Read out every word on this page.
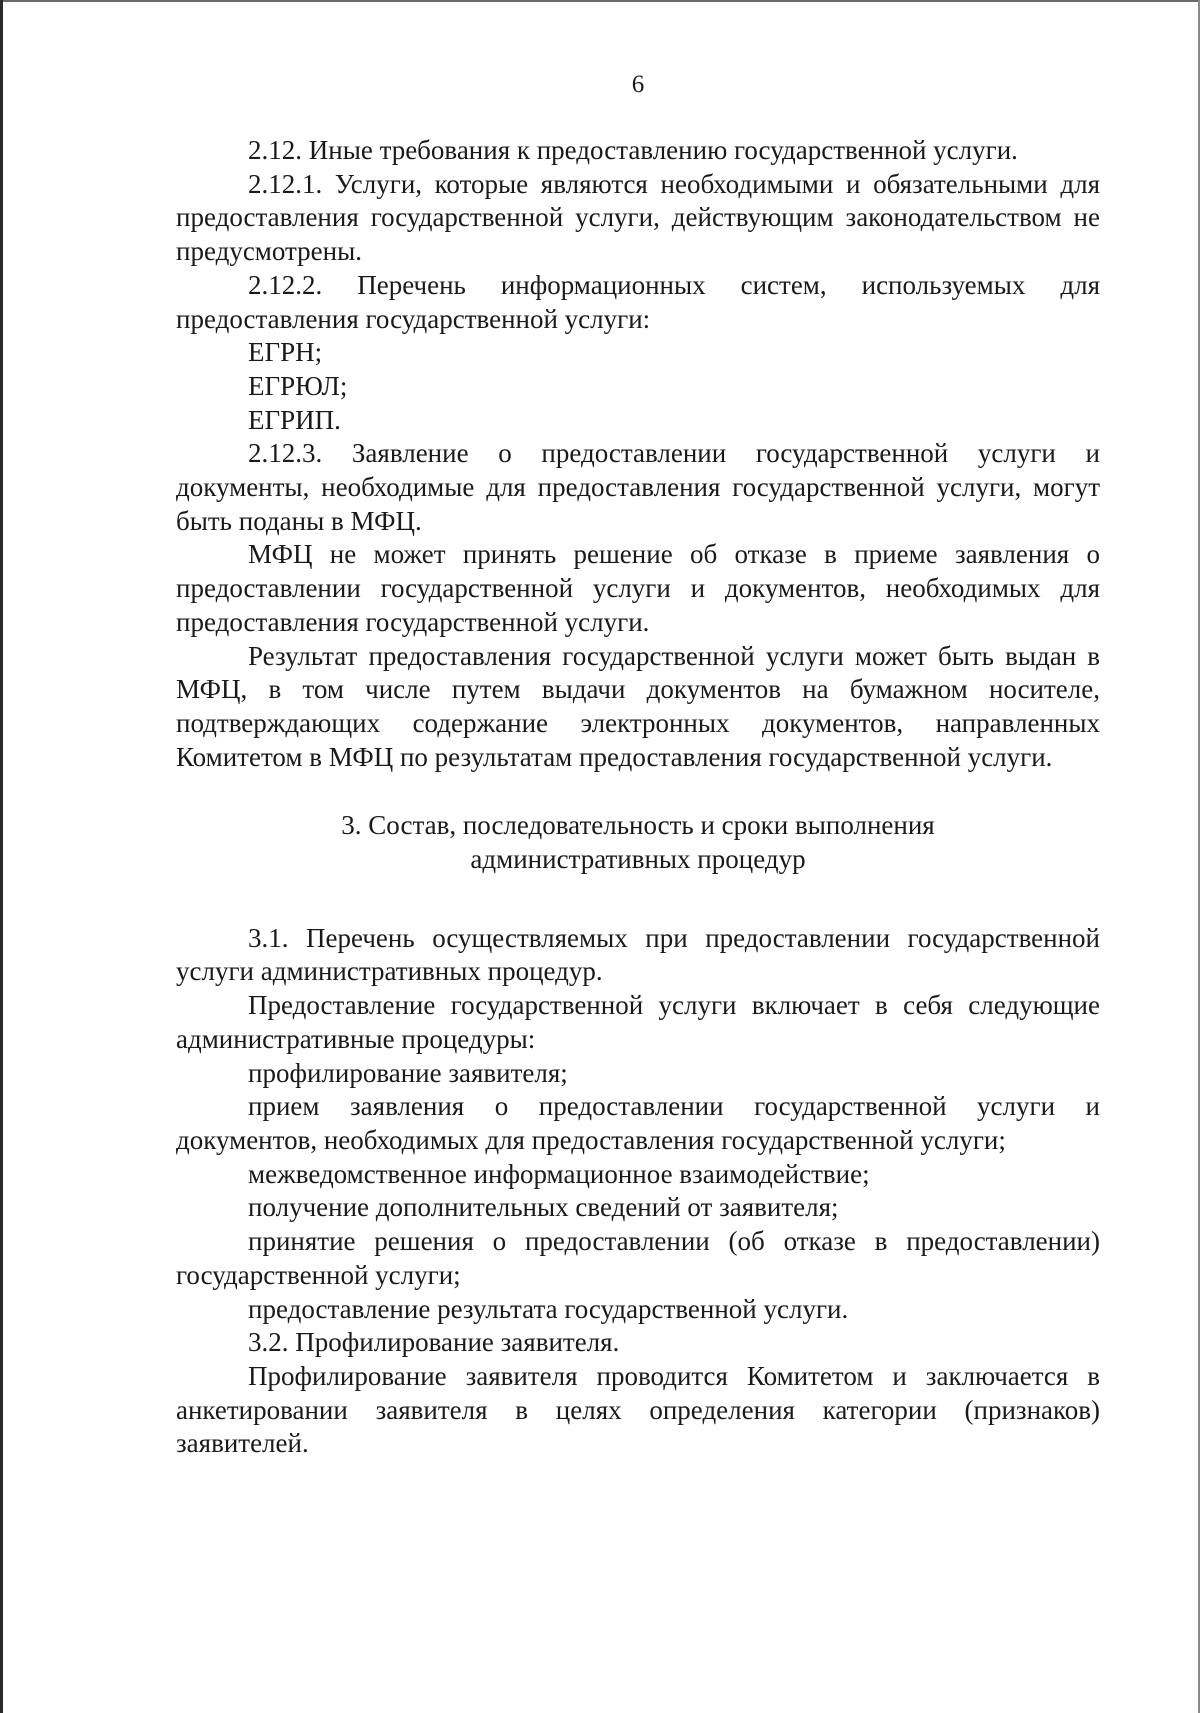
6

2.12. Иные требования к предоставлению государственной услуги.

2.12.1. Услуги, которые являются необходимыми и обязательными для предоставления государственной услуги, действующим законодательством не предусмотрены.

2.12.2. Перечень информационных систем, используемых для предоставления государственной услуги:

ЕГРН;

ЕГРЮЛ;

ЕГРИП.

2.12.3. Заявление о предоставлении государственной услуги и документы, необходимые для предоставления государственной услуги, могут быть поданы в МФЦ.

МФЦ не может принять решение об отказе в приеме заявления о предоставлении государственной услуги и документов, необходимых для предоставления государственной услуги.

Результат предоставления государственной услуги может быть выдан в МФЦ, в том числе путем выдачи документов на бумажном носителе, подтверждающих содержание электронных документов, направленных Комитетом в МФЦ по результатам предоставления государственной услуги.

3. Состав, последовательность и сроки выполнения
административных процедур

3.1. Перечень осуществляемых при предоставлении государственной услуги административных процедур.

Предоставление государственной услуги включает в себя следующие административные процедуры:

профилирование заявителя;

прием заявления о предоставлении государственной услуги и документов, необходимых для предоставления государственной услуги;

межведомственное информационное взаимодействие;

получение дополнительных сведений от заявителя;

принятие решения о предоставлении (об отказе в предоставлении) государственной услуги;

предоставление результата государственной услуги.

3.2. Профилирование заявителя.

Профилирование заявителя проводится Комитетом и заключается в анкетировании заявителя в целях определения категории (признаков) заявителей.
